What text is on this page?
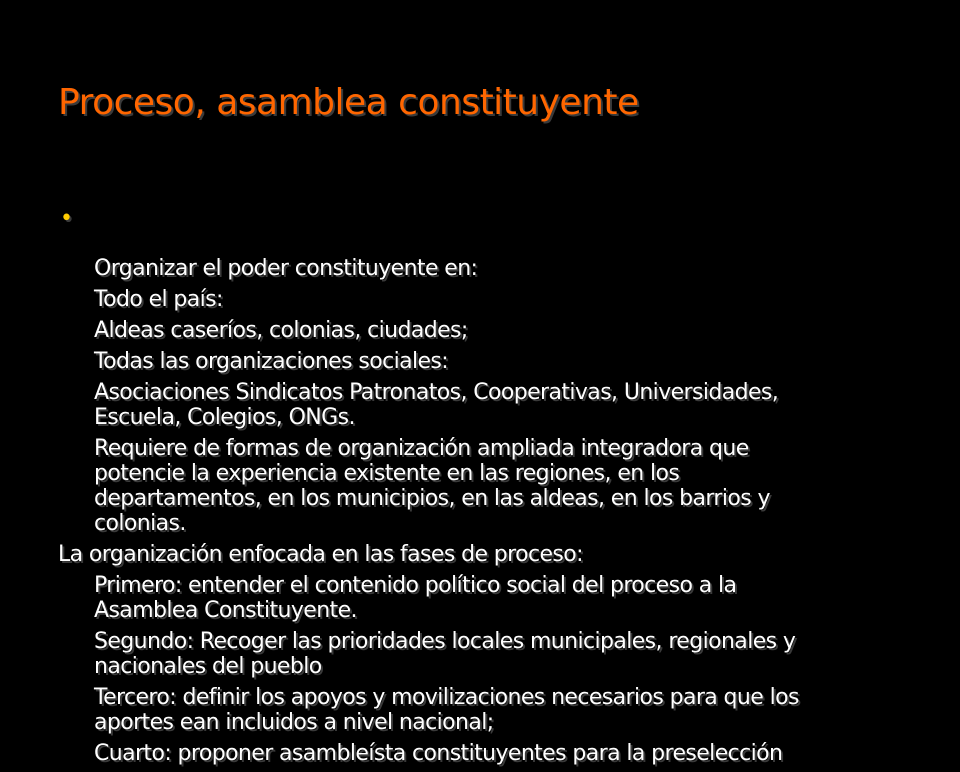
Proceso, asamblea constituyente

•

Organizar el poder constituyente en:

Todo el país:
Aldeas caseríos, colonias, ciudades;
Todas las organizaciones sociales:
Asociaciones Sindicatos Patronatos, Cooperativas, Universidades,
Escuela, Colegios, ONGs.
Requiere de formas de organización ampliada integradora que
potencie la experiencia existente en las regiones, en los
departamentos, en los municipios, en las aldeas, en los barrios y
colonias.
La organización enfocada en las fases de proceso:
Primero: entender el contenido político social del proceso a la
Asamblea Constituyente.
Segundo: Recoger las prioridades locales municipales, regionales y
nacionales del pueblo
Tercero: definir los apoyos y movilizaciones necesarios para que los
aportes ean incluidos a nivel nacional;
Cuarto: proponer asambleísta constituyentes para la preselección
